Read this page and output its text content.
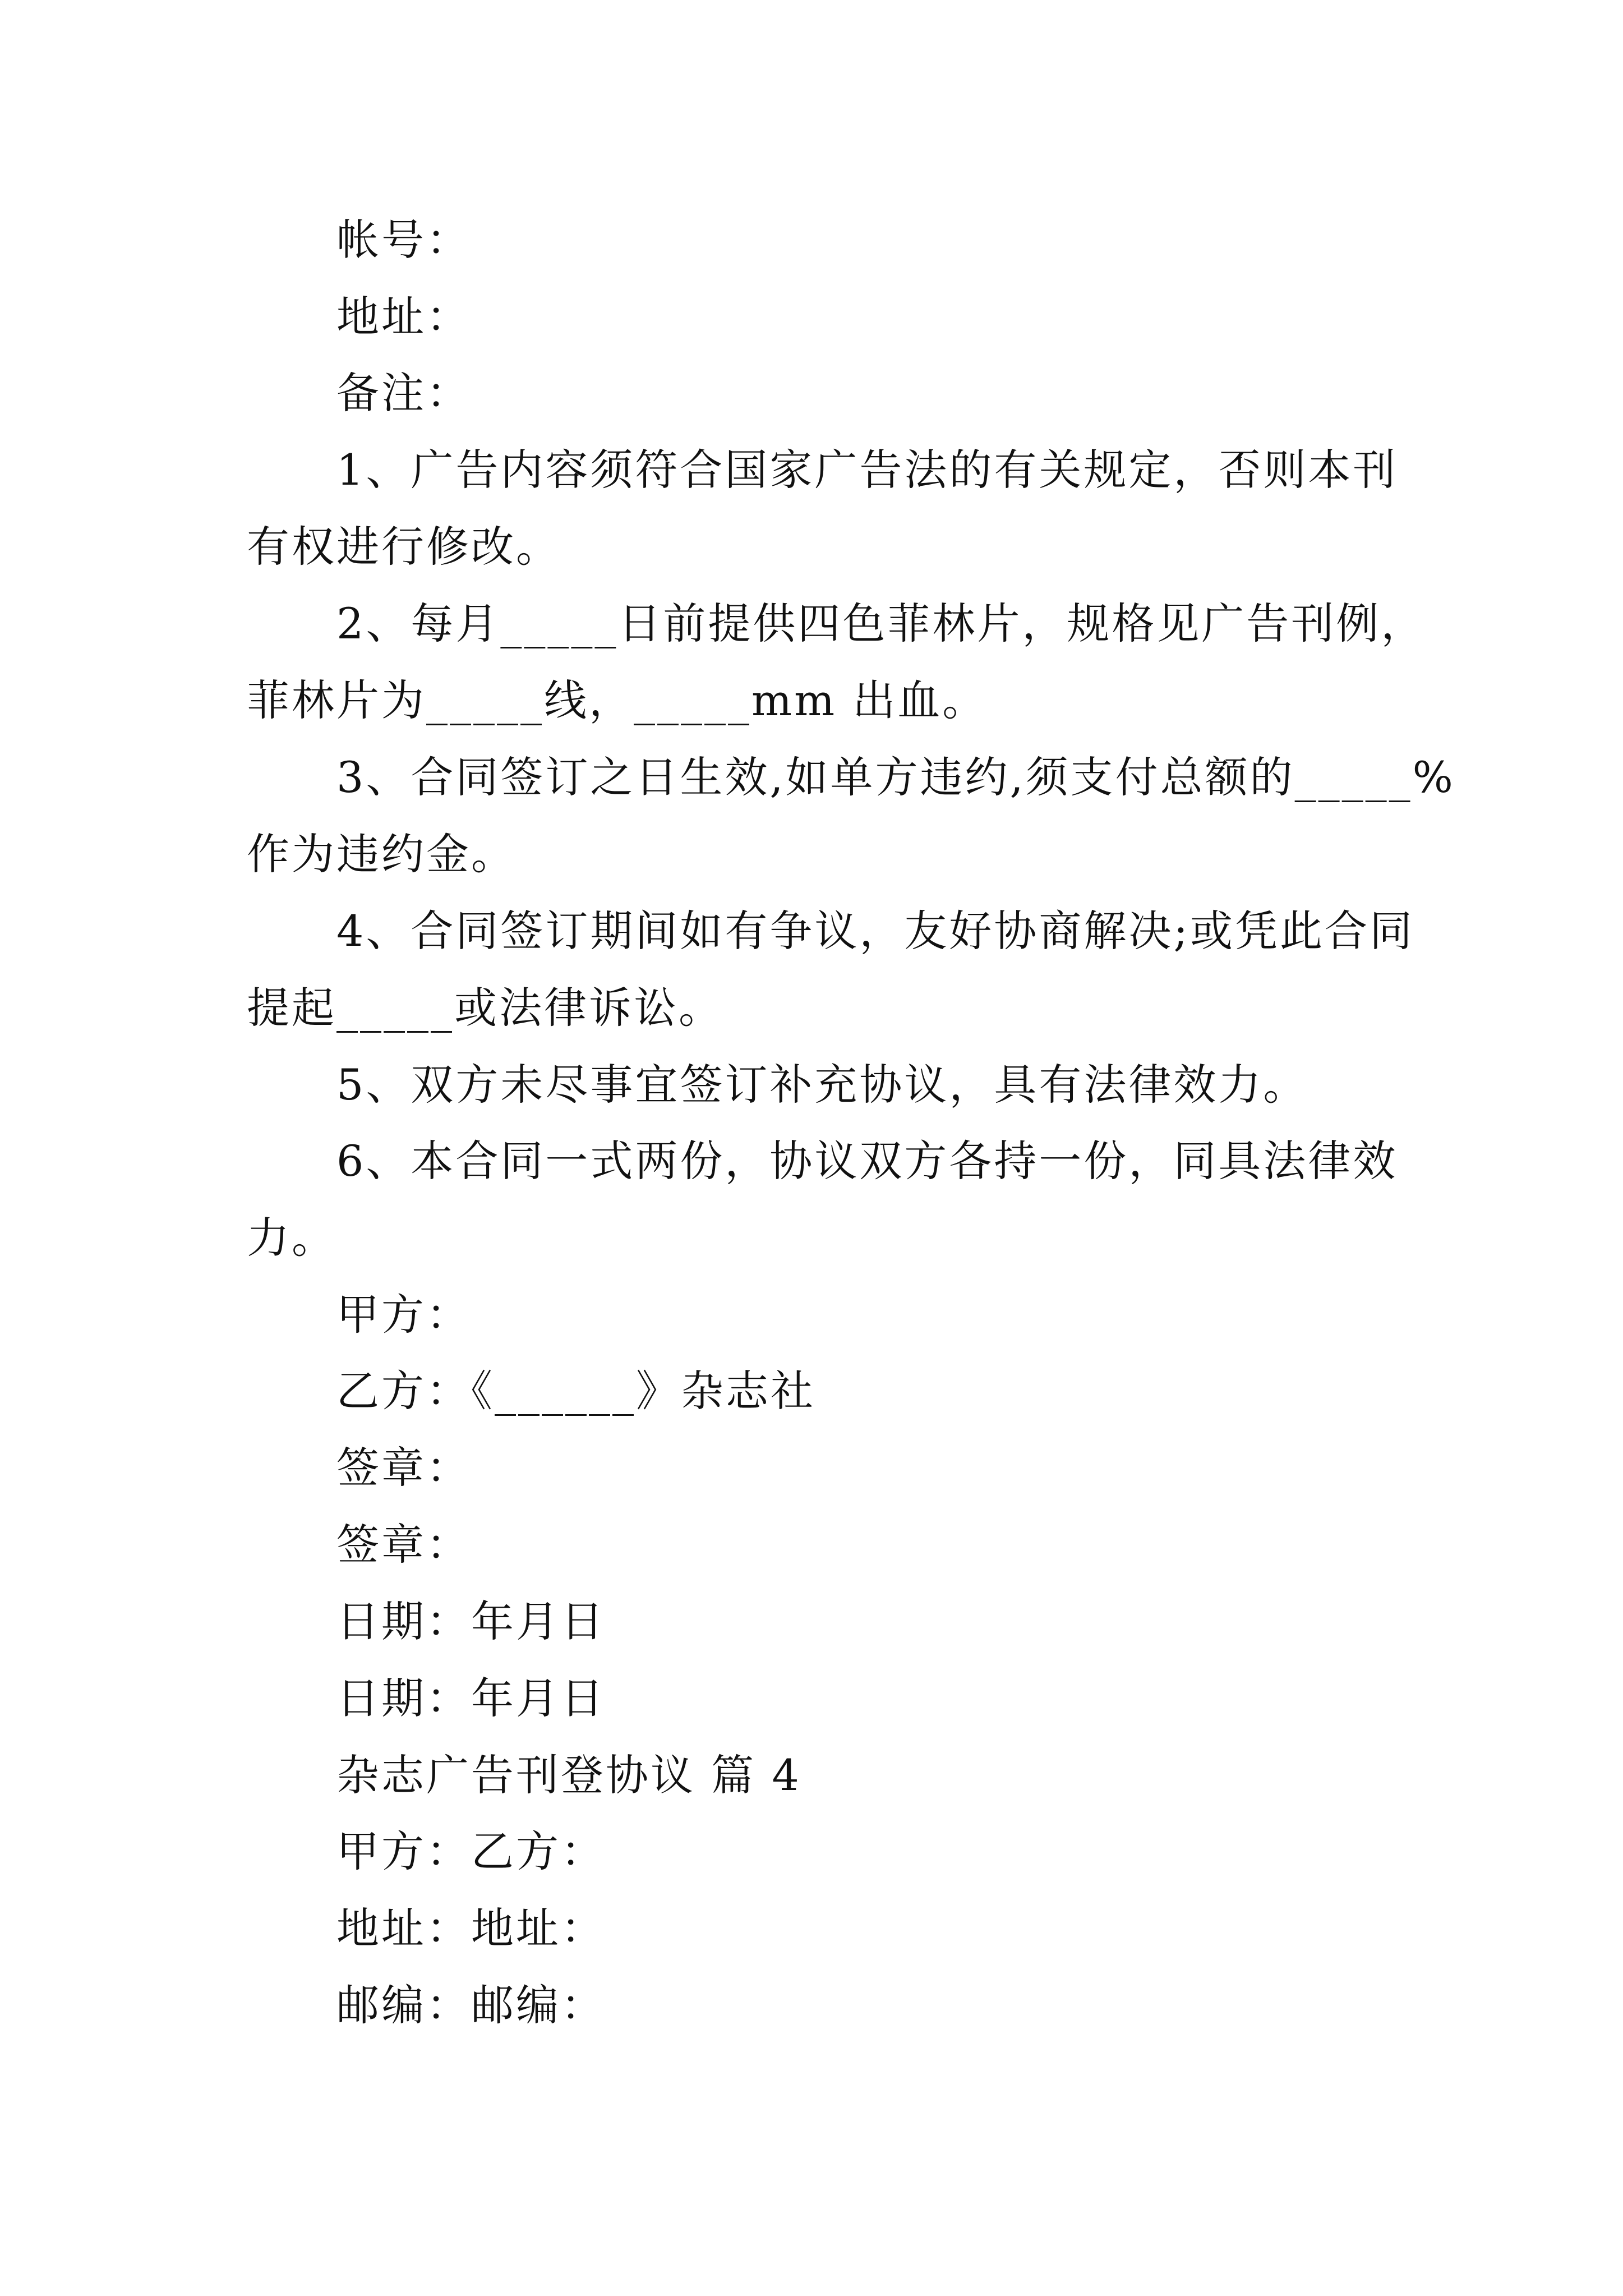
帐号：
地址：
备注：
1、广告内容须符合国家广告法的有关规定，否则本刊
有权进行修改。
2、每月_____日前提供四色菲林片，规格见广告刊例，
菲林片为_____线，_____mm 出血。
3、合同签订之日生效,如单方违约,须支付总额的_____%
作为违约金。
4、合同签订期间如有争议，友好协商解决;或凭此合同
提起_____或法律诉讼。
5、双方未尽事宜签订补充协议，具有法律效力。
6、本合同一式两份，协议双方各持一份，同具法律效
力。
甲方：
乙方：《______》杂志社
签章：
签章：
日期：年月日
日期：年月日
杂志广告刊登协议 篇 4
甲方：乙方：
地址：地址：
邮编：邮编：
